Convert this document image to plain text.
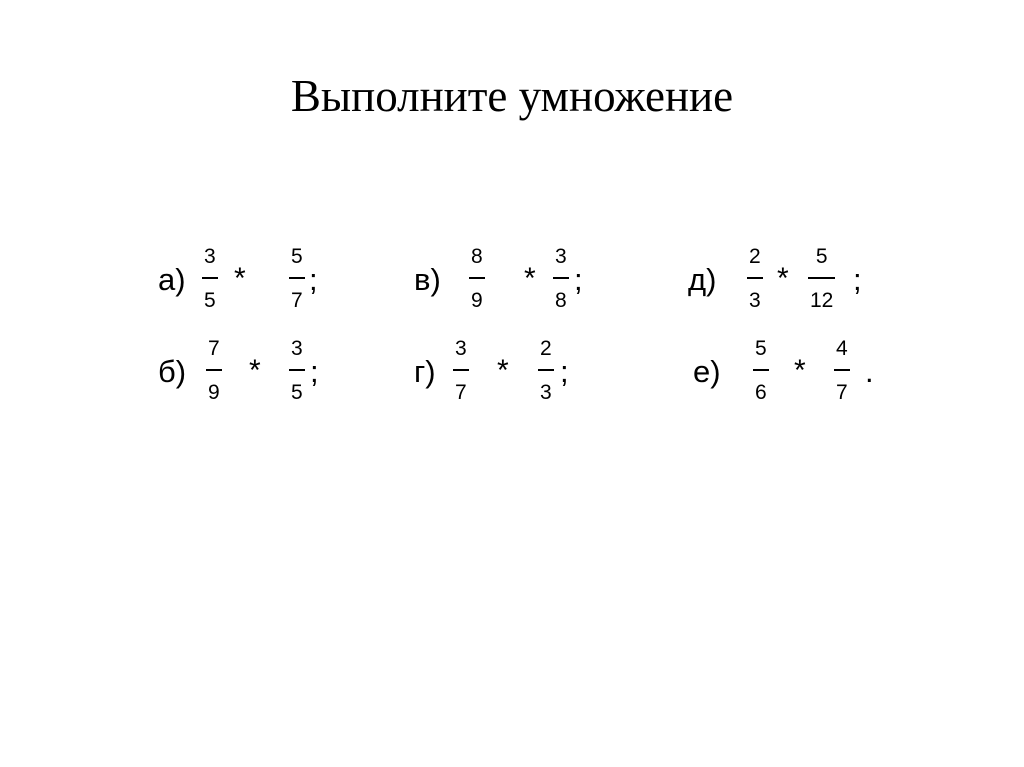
Выполните умножение
а)
3
5
*
5
7
;	в)
8
9
*
3
8
;	д)
2
3
*
5
12
;
б)
7
9
*
3
5
;	г)
3
7
*
2
3
;	е)
5
6
*
4
7
.
